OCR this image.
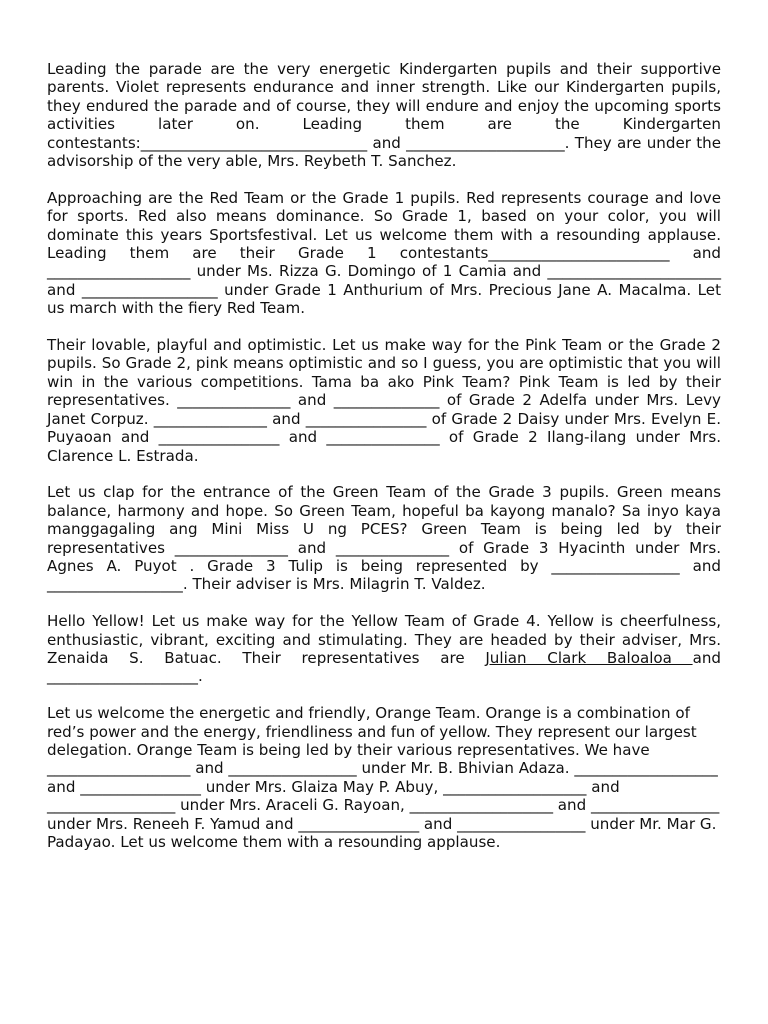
Leading the parade are the very energetic Kindergarten pupils and their supportive parents. Violet represents endurance and inner strength. Like our Kindergarten pupils, they endured the parade and of course, they will endure and enjoy the upcoming sports activities later on. Leading them are the Kindergarten contestants:______________________________ and _____________________. They are under the advisorship of the very able, Mrs. Reybeth T. Sanchez.

Approaching are the Red Team or the Grade 1 pupils. Red represents courage and love for sports. Red also means dominance. So Grade 1, based on your color, you will dominate this years Sportsfestival. Let us welcome them with a resounding applause. Leading them are their Grade 1 contestants________________________ and ___________________ under Ms. Rizza G. Domingo of 1 Camia and _______________________ and __________________ under Grade 1 Anthurium of Mrs. Precious Jane A. Macalma. Let us march with the fiery Red Team.

Their lovable, playful and optimistic. Let us make way for the Pink Team or the Grade 2 pupils. So Grade 2, pink means optimistic and so I guess, you are optimistic that you will win in the various competitions. Tama ba ako Pink Team? Pink Team is led by their representatives. _______________ and ______________ of Grade 2 Adelfa under Mrs. Levy Janet Corpuz. _______________ and ________________ of Grade 2 Daisy under Mrs. Evelyn E. Puyaoan and ________________ and _______________ of Grade 2 Ilang-ilang under Mrs. Clarence L. Estrada.

Let us clap for the entrance of the Green Team of the Grade 3 pupils. Green means balance, harmony and hope. So Green Team, hopeful ba kayong manalo? Sa inyo kaya manggagaling ang Mini Miss U ng PCES? Green Team is being led by their representatives _______________ and _______________ of Grade 3 Hyacinth under Mrs. Agnes A. Puyot . Grade 3 Tulip is being represented by _________________ and __________________. Their adviser is Mrs. Milagrin T. Valdez.

Hello Yellow! Let us make way for the Yellow Team of Grade 4. Yellow is cheerfulness, enthusiastic, vibrant, exciting and stimulating. They are headed by their adviser, Mrs. Zenaida S. Batuac. Their representatives are Julian Clark Baloaloa and ____________________.

Let us welcome the energetic and friendly, Orange Team. Orange is a combination of red’s power and the energy, friendliness and fun of yellow. They represent our largest delegation. Orange Team is being led by their various representatives. We have ___________________ and _________________ under Mr. B. Bhivian Adaza. ___________________ and ________________ under Mrs. Glaiza May P. Abuy, ___________________ and _________________ under Mrs. Araceli G. Rayoan, ___________________ and _________________ under Mrs. Reneeh F. Yamud and ________________ and _________________ under Mr. Mar G. Padayao. Let us welcome them with a resounding applause.
